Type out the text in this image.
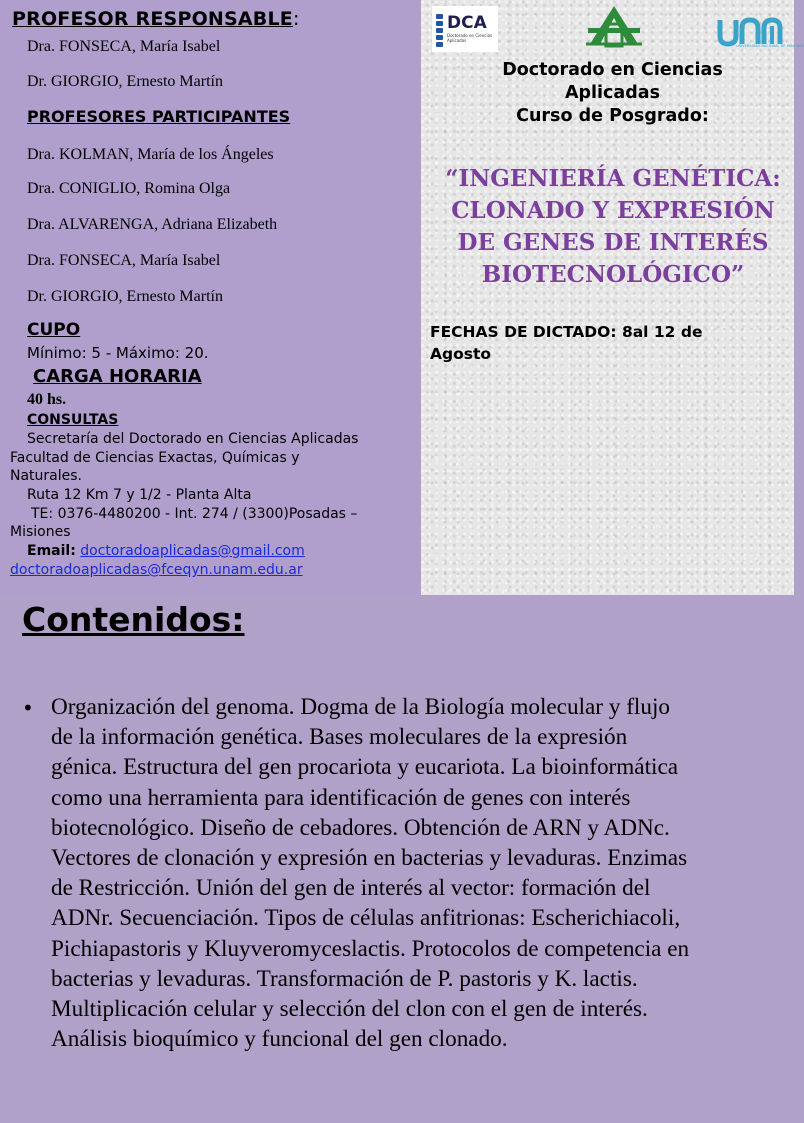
PROFESOR RESPONSABLE:
Dra. FONSECA, María Isabel
Dr. GIORGIO, Ernesto Martín
PROFESORES PARTICIPANTES
Dra. KOLMAN, María de los Ángeles
Dra. CONIGLIO, Romina Olga
Dra. ALVARENGA, Adriana Elizabeth
Dra. FONSECA, María Isabel
Dr. GIORGIO, Ernesto Martín
CUPO
Mínimo: 5 - Máximo: 20.
CARGA HORARIA
40 hs.
CONSULTAS
Secretaría del Doctorado en Ciencias Aplicadas
Facultad de Ciencias Exactas, Químicas y
Naturales.
Ruta 12 Km 7 y 1/2 - Planta Alta
TE: 0376-4480200 - Int. 274 / (3300)Posadas –
Misiones
Email: doctoradoaplicadas@gmail.com
doctoradoaplicadas@fceqyn.unam.edu.ar
DCA
Doctorado en Ciencias Aplicadas
UNIVERSIDAD NACIONAL DE MISIONES
Doctorado en Ciencias
Aplicadas
Curso de Posgrado:
“INGENIERÍA GENÉTICA:
CLONADO Y EXPRESIÓN
DE GENES DE INTERÉS
BIOTECNOLÓGICO”
FECHAS DE DICTADO: 8al 12 de
Agosto
Contenidos:
• Organización del genoma. Dogma de la Biología molecular y flujo
de la información genética. Bases moleculares de la expresión
génica. Estructura del gen procariota y eucariota. La bioinformática
como una herramienta para identificación de genes con interés
biotecnológico. Diseño de cebadores. Obtención de ARN y ADNc.
Vectores de clonación y expresión en bacterias y levaduras. Enzimas
de Restricción. Unión del gen de interés al vector: formación del
ADNr. Secuenciación. Tipos de células anfitrionas: Escherichiacoli,
Pichiapastoris y Kluyveromyceslactis. Protocolos de competencia en
bacterias y levaduras. Transformación de P. pastoris y K. lactis.
Multiplicación celular y selección del clon con el gen de interés.
Análisis bioquímico y funcional del gen clonado.
